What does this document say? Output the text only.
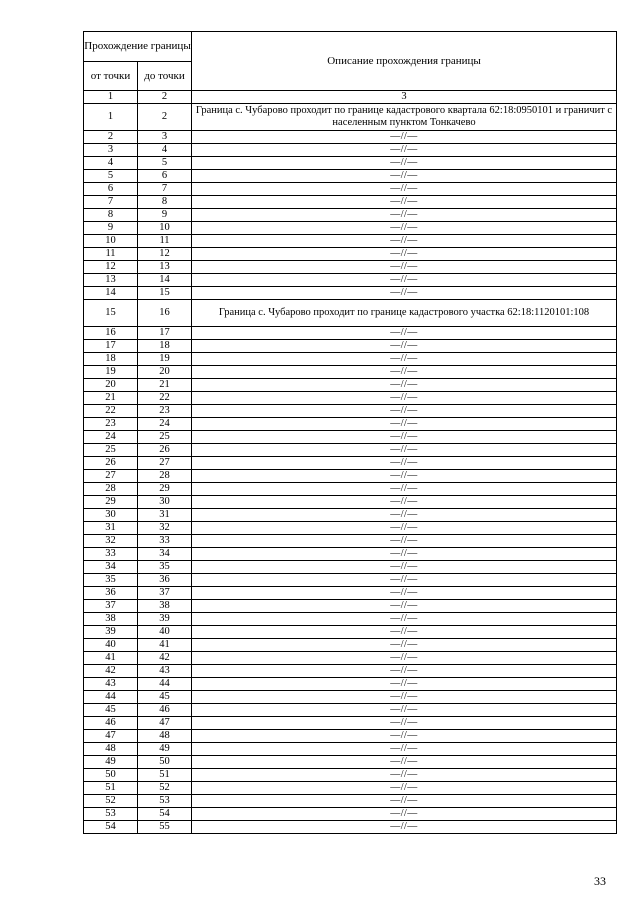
Прохождение границы		Описание прохождения границы
от точки	до точки	
1	2	3
1	2	Граница с. Чубарово проходит по границе кадастрового квартала 62:18:0950101 и граничит с населенным пунктом Тонкачево
2	3	—//—
3	4	—//—
4	5	—//—
5	6	—//—
6	7	—//—
7	8	—//—
8	9	—//—
9	10	—//—
10	11	—//—
11	12	—//—
12	13	—//—
13	14	—//—
14	15	—//—
15	16	Граница с. Чубарово проходит по границе кадастрового участка 62:18:1120101:108
16	17	—//—
17	18	—//—
18	19	—//—
19	20	—//—
20	21	—//—
21	22	—//—
22	23	—//—
23	24	—//—
24	25	—//—
25	26	—//—
26	27	—//—
27	28	—//—
28	29	—//—
29	30	—//—
30	31	—//—
31	32	—//—
32	33	—//—
33	34	—//—
34	35	—//—
35	36	—//—
36	37	—//—
37	38	—//—
38	39	—//—
39	40	—//—
40	41	—//—
41	42	—//—
42	43	—//—
43	44	—//—
44	45	—//—
45	46	—//—
46	47	—//—
47	48	—//—
48	49	—//—
49	50	—//—
50	51	—//—
51	52	—//—
52	53	—//—
53	54	—//—
54	55	—//—
33
